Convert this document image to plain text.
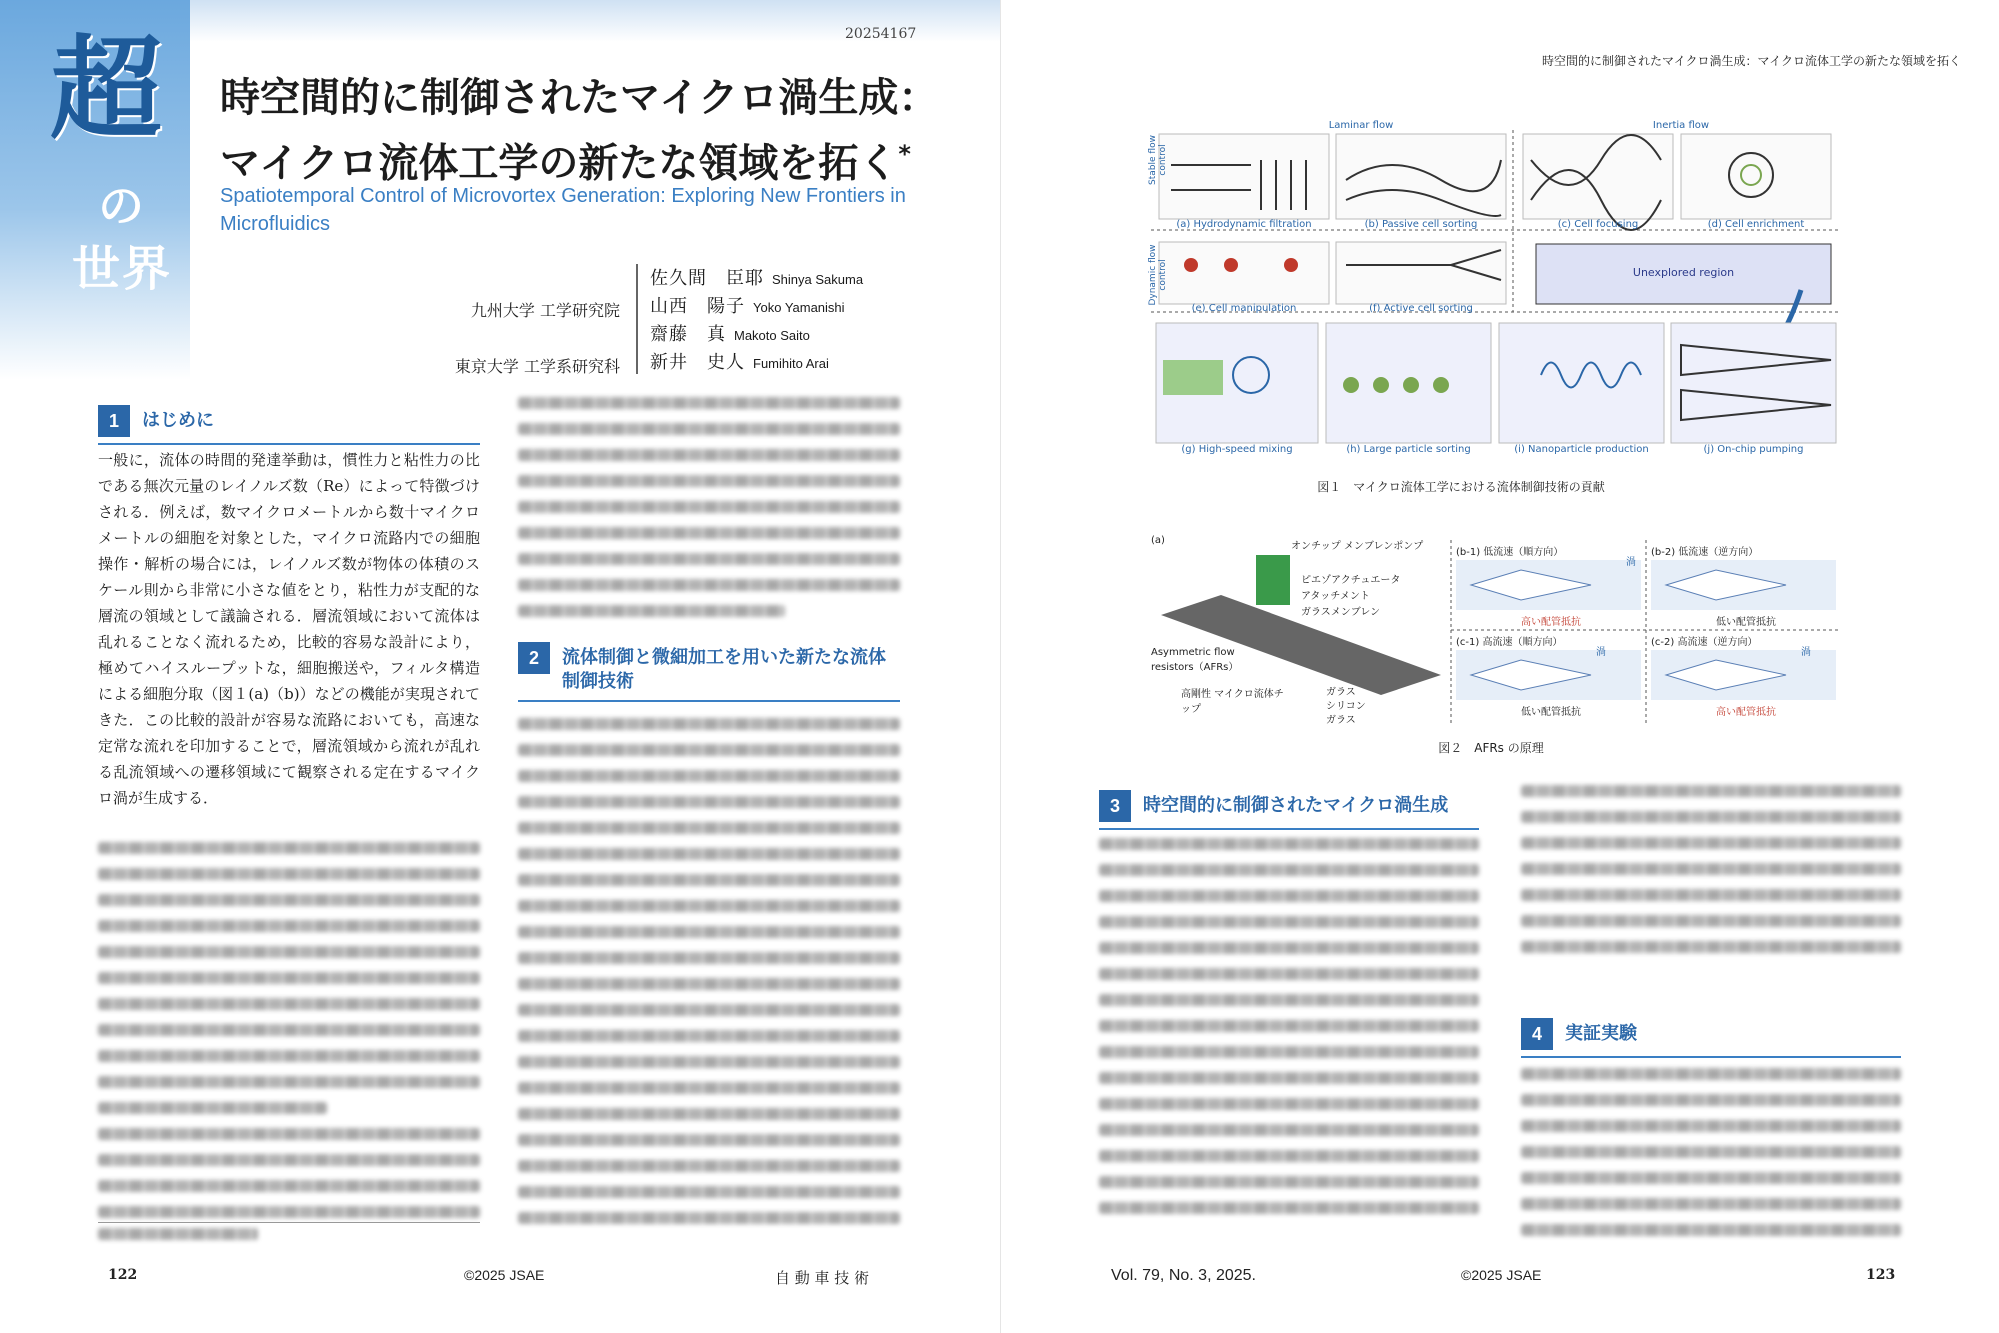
20254167
超
の
世界
時空間的に制御されたマイクロ渦生成：
マイクロ流体工学の新たな領域を拓く*
Spatiotemporal Control of Microvortex Generation: Exploring New Frontiers in Microfluidics
九州大学 工学研究院
東京大学 工学系研究科
佐久間　臣耶 Shinya Sakuma
山西　陽子 Yoko Yamanishi
齋藤　真 Makoto Saito
新井　史人 Fumihito Arai
1	はじめに

一般に，流体の時間的発達挙動は，慣性力と粘性力の比である無次元量のレイノルズ数（Re）によって特徴づけされる．例えば，数マイクロメートルから数十マイクロメートルの細胞を対象とした，マイクロ流路内での細胞操作・解析の場合には，レイノルズ数が物体の体積のスケール則から非常に小さな値をとり，粘性力が支配的な層流の領域として議論される．層流領域において流体は乱れることなく流れるため，比較的容易な設計により，極めてハイスループットな，細胞搬送や，フィルタ構造による細胞分取（図１(a)（b)）などの機能が実現されてきた．この比較的設計が容易な流路においても，高速な定常な流れを印加することで，層流領域から流れが乱れる乱流領域への遷移領域にて観察される定在するマイクロ渦が生成する．

2	流体制御と微細加工を用いた新たな流体制御技術
122	©2025 JSAE	自 動 車 技 術
時空間的に制御されたマイクロ渦生成：マイクロ流体工学の新たな領域を拓く
Laminar flow	Inertia flow
(a) Hydrodynamic filtration	(b) Passive cell sorting	(c) Cell focusing	(d) Cell enrichment
(e) Cell manipulation	(f) Active cell sorting
Unexplored region
(g) High-speed mixing	(h) Large particle sorting	(i) Nanoparticle production	(j) On-chip pumping
Stable flow control
Dynamic flow control
図１　マイクロ流体工学における流体制御技術の貢献
(a)
オンチップ メンブレンポンプ
ピエゾアクチュエータ
アタッチメント
ガラスメンブレン
ポート
Asymmetric flow resistors（AFRs）
高剛性 マイクロ流体チップ
ガラス
シリコン
ガラス
(b-1) 低流速（順方向）	(b-2) 低流速（逆方向）
(c-1) 高流速（順方向）	(c-2) 高流速（逆方向）
渦
渦	渦
高い配管抵抗	低い配管抵抗
低い配管抵抗	高い配管抵抗
図２　AFRs の原理
3	時空間的に制御されたマイクロ渦生成
4	実証実験
Vol. 79, No. 3, 2025.	©2025 JSAE	123
